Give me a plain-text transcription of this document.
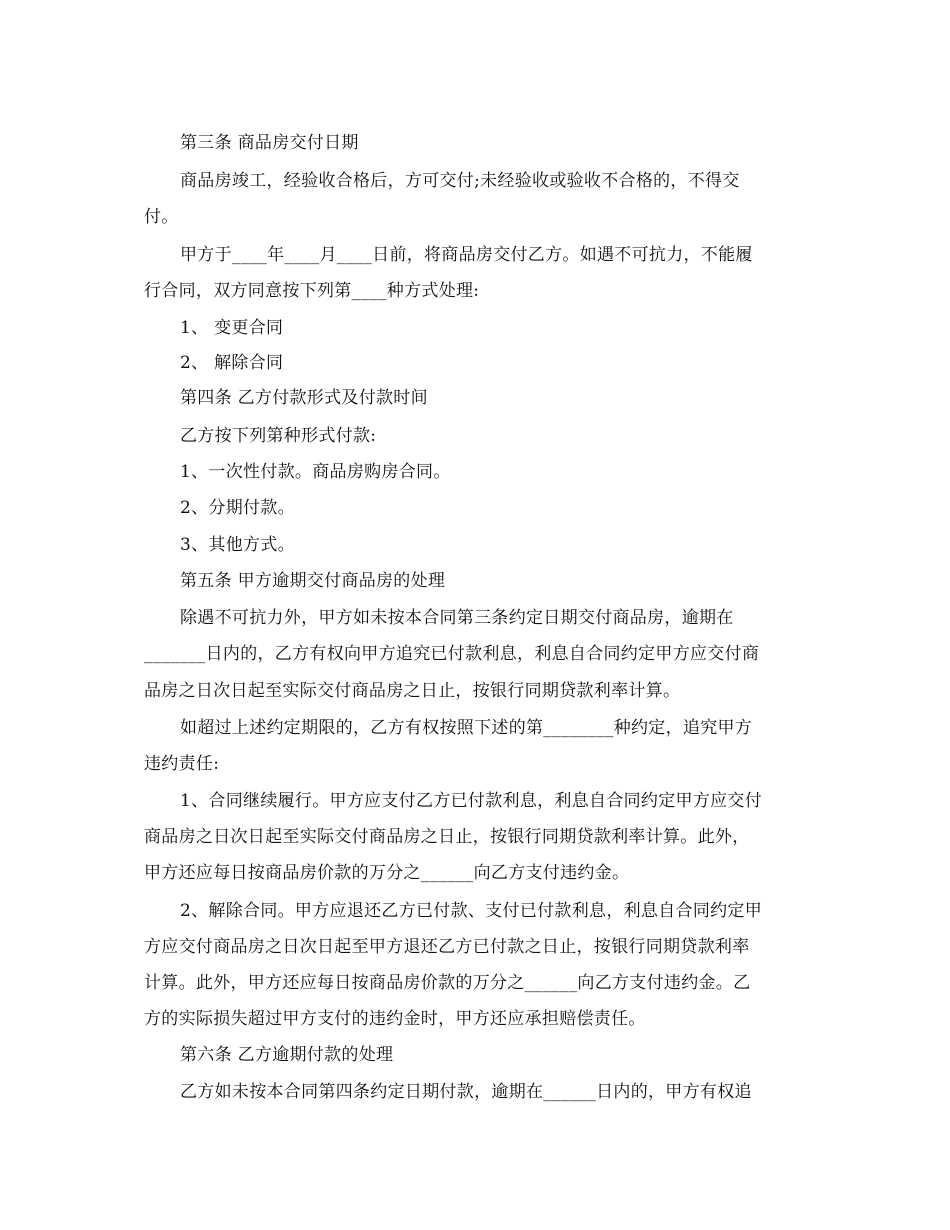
第三条 商品房交付日期
商品房竣工，经验收合格后，方可交付;未经验收或验收不合格的，不得交
付。
甲方于____年____月____日前，将商品房交付乙方。如遇不可抗力，不能履
行合同，双方同意按下列第____种方式处理:
1、 变更合同
2、 解除合同
第四条 乙方付款形式及付款时间
乙方按下列第种形式付款:
1、一次性付款。商品房购房合同。
2、分期付款。
3、其他方式。
第五条 甲方逾期交付商品房的处理
除遇不可抗力外，甲方如未按本合同第三条约定日期交付商品房，逾期在
_______日内的，乙方有权向甲方追究已付款利息，利息自合同约定甲方应交付商
品房之日次日起至实际交付商品房之日止，按银行同期贷款利率计算。
如超过上述约定期限的，乙方有权按照下述的第________种约定，追究甲方
违约责任:
1、合同继续履行。甲方应支付乙方已付款利息，利息自合同约定甲方应交付
商品房之日次日起至实际交付商品房之日止，按银行同期贷款利率计算。此外，
甲方还应每日按商品房价款的万分之______向乙方支付违约金。
2、解除合同。甲方应退还乙方已付款、支付已付款利息，利息自合同约定甲
方应交付商品房之日次日起至甲方退还乙方已付款之日止，按银行同期贷款利率
计算。此外，甲方还应每日按商品房价款的万分之______向乙方支付违约金。乙
方的实际损失超过甲方支付的违约金时，甲方还应承担赔偿责任。
第六条 乙方逾期付款的处理
乙方如未按本合同第四条约定日期付款，逾期在______日内的，甲方有权追
